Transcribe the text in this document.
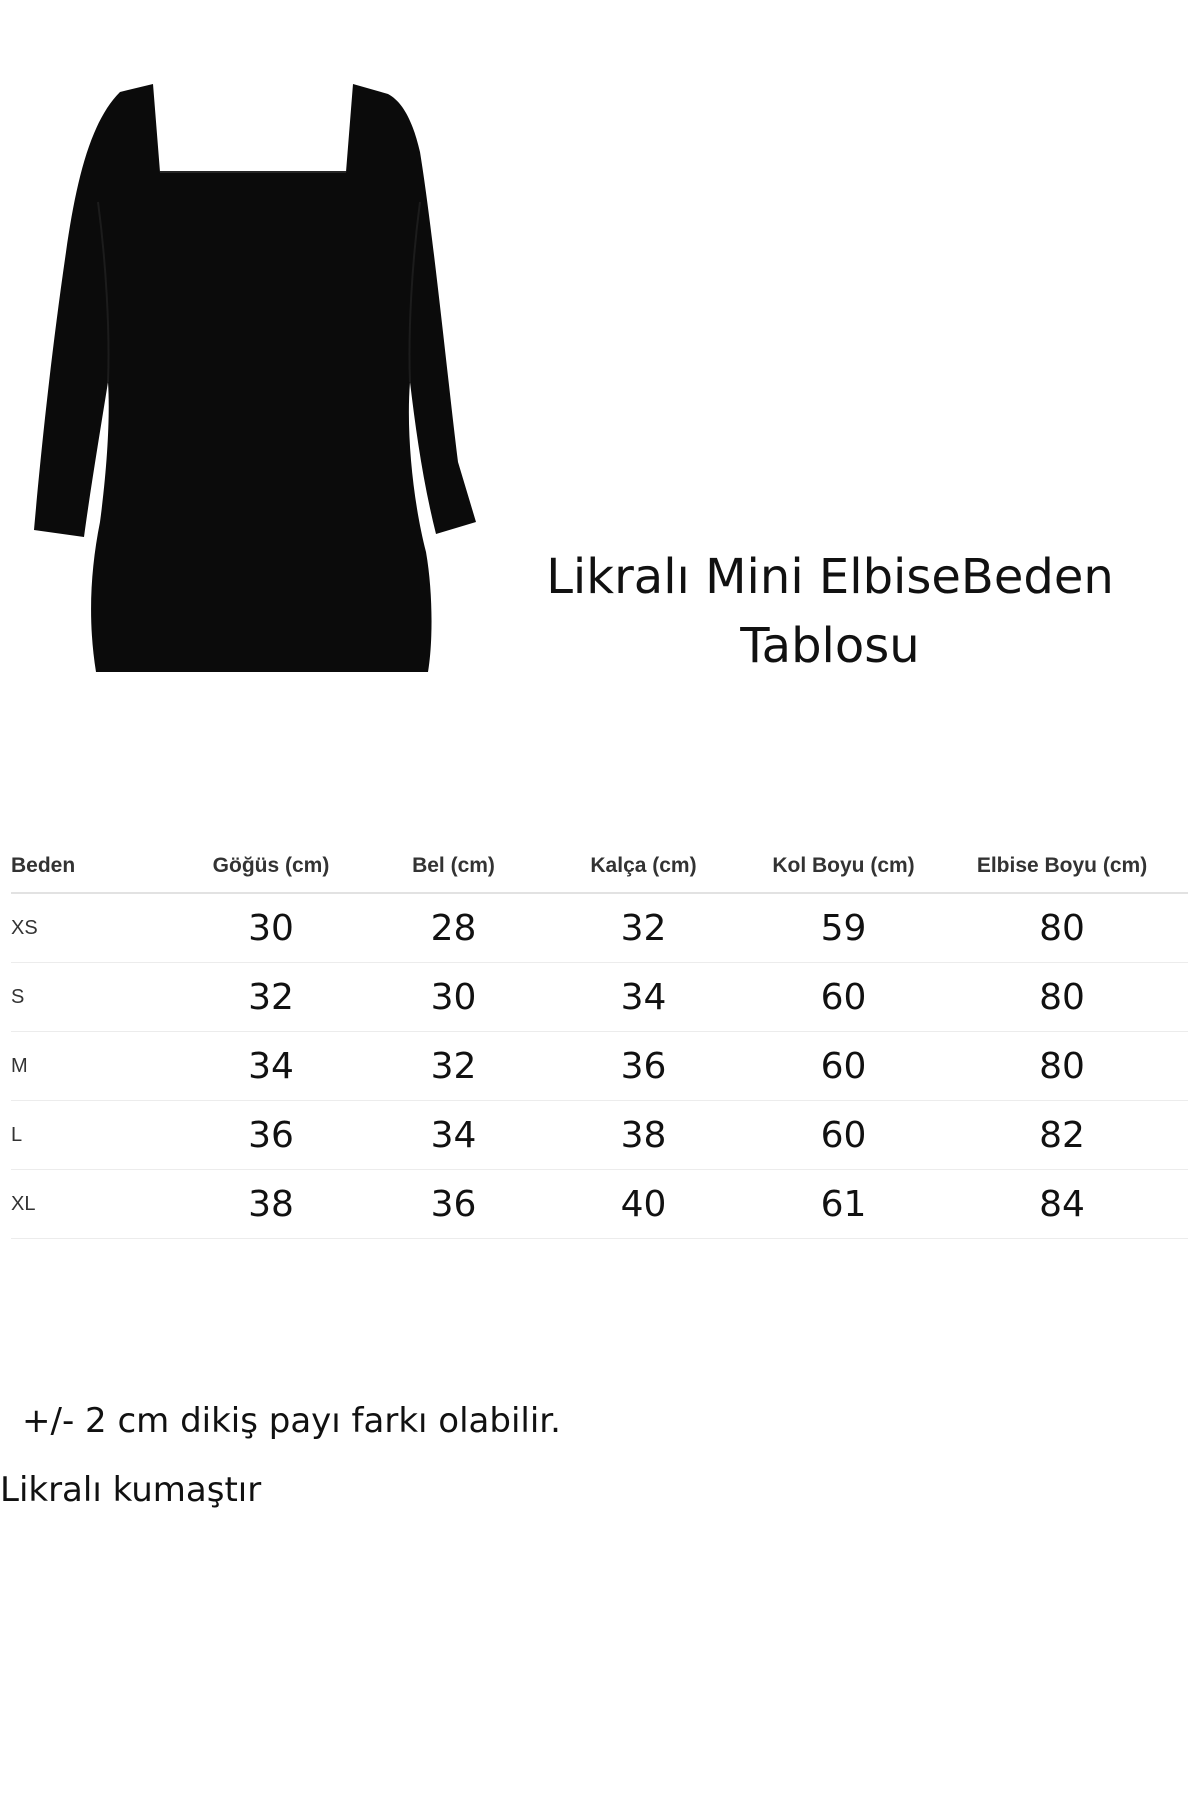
Likralı Mini ElbiseBeden
Tablosu
Beden	Göğüs (cm)	Bel (cm)	Kalça (cm)	Kol Boyu (cm)	Elbise Boyu (cm)
XS	30	28	32	59	80
S	32	30	34	60	80
M	34	32	36	60	80
L	36	34	38	60	82
XL	38	36	40	61	84
+/- 2 cm dikiş payı farkı olabilir.
Likralı kumaştır
